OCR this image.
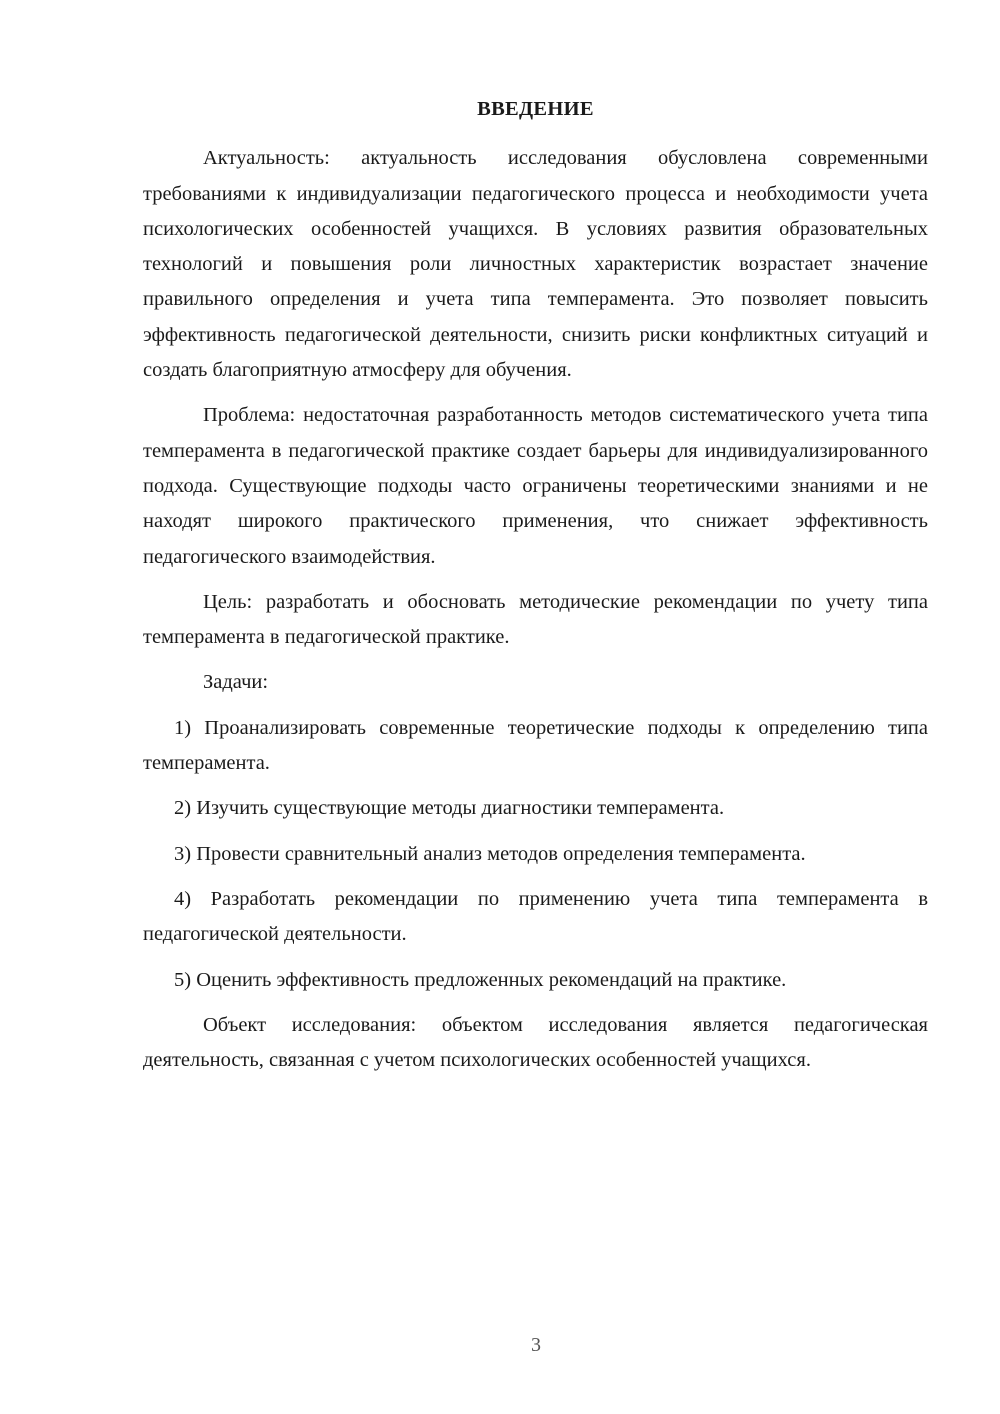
ВВЕДЕНИЕ

Актуальность: актуальность исследования обусловлена современными требованиями к индивидуализации педагогического процесса и необходимости учета психологических особенностей учащихся. В условиях развития образовательных технологий и повышения роли личностных характеристик возрастает значение правильного определения и учета типа темперамента. Это позволяет повысить эффективность педагогической деятельности, снизить риски конфликтных ситуаций и создать благоприятную атмосферу для обучения.

Проблема: недостаточная разработанность методов систематического учета типа темперамента в педагогической практике создает барьеры для индивидуализированного подхода. Существующие подходы часто ограничены теоретическими знаниями и не находят широкого практического применения, что снижает эффективность педагогического взаимодействия.

Цель: разработать и обосновать методические рекомендации по учету типа темперамента в педагогической практике.

Задачи:

1) Проанализировать современные теоретические подходы к определению типа темперамента.

2) Изучить существующие методы диагностики темперамента.

3) Провести сравнительный анализ методов определения темперамента.

4) Разработать рекомендации по применению учета типа темперамента в педагогической деятельности.

5) Оценить эффективность предложенных рекомендаций на практике.

Объект исследования: объектом исследования является педагогическая деятельность, связанная с учетом психологических особенностей учащихся.

3
